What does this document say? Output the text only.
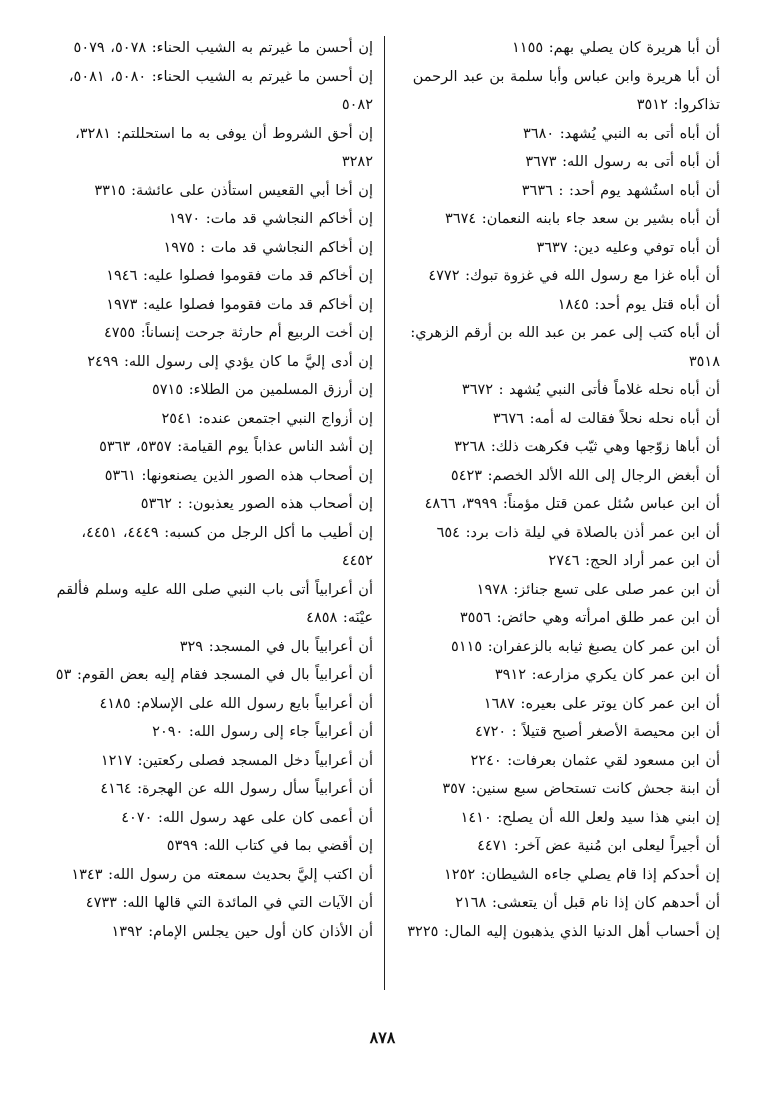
أن أبا هريرة كان يصلي بهم: ١١٥٥
أن أبا هريرة وابن عباس وأبا سلمة بن عبد الرحمن تذاكروا: ٣٥١٢
أن أباه أتى به النبي يُشهد: ٣٦٨٠
أن أباه أتى به رسول الله: ٣٦٧٣
أن أباه استُشهد يوم أحد: : ٣٦٣٦
أن أباه بشير بن سعد جاء بابنه النعمان: ٣٦٧٤
أن أباه توفي وعليه دين: ٣٦٣٧
أن أباه غزا مع رسول الله في غزوة تبوك: ٤٧٧٢
أن أباه قتل يوم أحد: ١٨٤٥
أن أباه كتب إلى عمر بن عبد الله بن أرقم الزهري: ٣٥١٨
أن أباه نحله غلاماً فأتى النبي يُشهد : ٣٦٧٢
أن أباه نحله نحلاً فقالت له أمه: ٣٦٧٦
أن أباها زوّجها وهي ثيّب فكرهت ذلك: ٣٢٦٨
أن أبغض الرجال إلى الله الألد الخصم: ٥٤٢٣
أن ابن عباس سُئل عمن قتل مؤمناً: ٣٩٩٩، ٤٨٦٦
أن ابن عمر أذن بالصلاة في ليلة ذات برد: ٦٥٤
أن ابن عمر أراد الحج: ٢٧٤٦
أن ابن عمر صلى على تسع جنائز: ١٩٧٨
أن ابن عمر طلق امرأته وهي حائض: ٣٥٥٦
أن ابن عمر كان يصبغ ثيابه بالزعفران: ٥١١٥
أن ابن عمر كان يكري مزارعه: ٣٩١٢
أن ابن عمر كان يوتر على بعيره: ١٦٨٧
أن ابن محيصة الأصغر أصبح قتيلاً : ٤٧٢٠
أن ابن مسعود لقي عثمان بعرفات: ٢٢٤٠
أن ابنة جحش كانت تستحاض سبع سنين: ٣٥٧
إن ابني هذا سيد ولعل الله أن يصلح: ١٤١٠
أن أجيراً ليعلى ابن مُنية عض آخر: ٤٤٧١
إن أحدكم إذا قام يصلي جاءه الشيطان: ١٢٥٢
أن أحدهم كان إذا نام قبل أن يتعشى: ٢١٦٨
إن أحساب أهل الدنيا الذي يذهبون إليه المال: ٣٢٢٥
إن أحسن ما غيرتم به الشيب الحناء: ٥٠٧٨، ٥٠٧٩
إن أحسن ما غيرتم به الشيب الحناء: ٥٠٨٠، ٥٠٨١، ٥٠٨٢
إن أحق الشروط أن يوفى به ما استحللتم: ٣٢٨١، ٣٢٨٢
إن أخا أبي القعيس استأذن على عائشة: ٣٣١٥
إن أخاكم النجاشي قد مات: ١٩٧٠
إن أخاكم النجاشي قد مات : ١٩٧٥
إن أخاكم قد مات فقوموا فصلوا عليه: ١٩٤٦
إن أخاكم قد مات فقوموا فصلوا عليه: ١٩٧٣
إن أخت الربيع أم حارثة جرحت إنساناً: ٤٧٥٥
إن أدى إليَّ ما كان يؤدي إلى رسول الله: ٢٤٩٩
إن أرزق المسلمين من الطلاء: ٥٧١٥
إن أزواج النبي اجتمعن عنده: ٢٥٤١
إن أشد الناس عذاباً يوم القيامة: ٥٣٥٧، ٥٣٦٣
إن أصحاب هذه الصور الذين يصنعونها: ٥٣٦١
إن أصحاب هذه الصور يعذبون: : ٥٣٦٢
إن أطيب ما أكل الرجل من كسبه: ٤٤٤٩، ٤٤٥١، ٤٤٥٢
أن أعرابياً أتى باب النبي صلى الله عليه وسلم فألقم عيْنَه: ٤٨٥٨
أن أعرابياً بال في المسجد: ٣٢٩
أن أعرابياً بال في المسجد فقام إليه بعض القوم: ٥٣
أن أعرابياً بايع رسول الله على الإسلام: ٤١٨٥
أن أعرابياً جاء إلى رسول الله: ٢٠٩٠
أن أعرابياً دخل المسجد فصلى ركعتين: ١٢١٧
أن أعرابياً سأل رسول الله عن الهجرة: ٤١٦٤
أن أعمى كان على عهد رسول الله: ٤٠٧٠
إن أقضي بما في كتاب الله: ٥٣٩٩
أن اكتب إليَّ بحديث سمعته من رسول الله: ١٣٤٣
أن الآيات التي في المائدة التي قالها الله: ٤٧٣٣
أن الأذان كان أول حين يجلس الإمام: ١٣٩٢
٨٧٨
